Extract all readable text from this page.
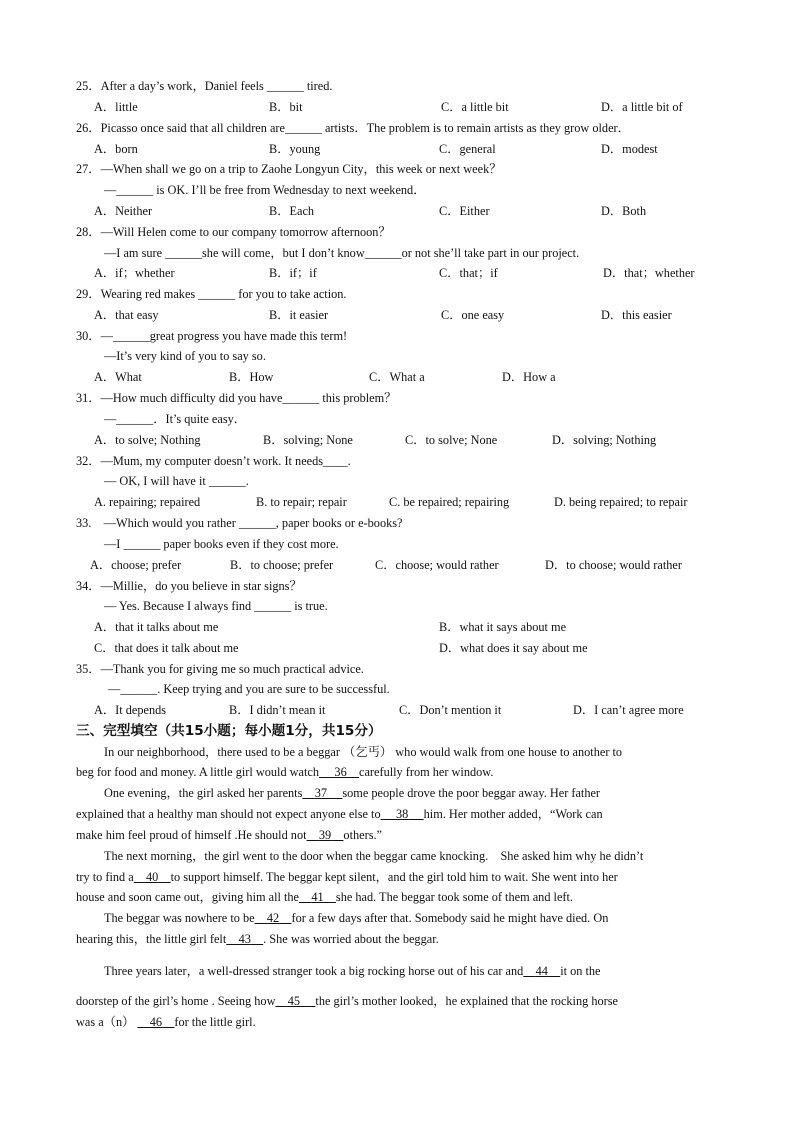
25．After a day’s work，Daniel feels ______ tired.
A．little	B．bit	C．a little bit	D．a little bit of
26．Picasso once said that all children are______ artists．The problem is to remain artists as they grow older．
A．born	B．young	C．general	D．modest
27．—When shall we go on a trip to Zaohe Longyun City，this week or next week？
—______ is OK. I’ll be free from Wednesday to next weekend．
A．Neither	B．Each	C．Either	D．Both
28．—Will Helen come to our company tomorrow afternoon？
—I am sure ______she will come，but I don’t know______or not she’ll take part in our project.
A．if；whether	B．if；if	C．that；if	D．that；whether
29．Wearing red makes ______ for you to take action.
A．that easy	B．it easier	C．one easy	D．this easier
30．—______great progress you have made this term!
—It’s very kind of you to say so.
A．What	B．How	C．What a	D．How a
31．—How much difficulty did you have______ this problem？
—______．It’s quite easy．
A．to solve; Nothing	B．solving; None	C．to solve; None	D．solving; Nothing
32．—Mum, my computer doesn’t work. It needs____.
— OK, I will have it ______.
A. repairing; repaired	B. to repair; repair	C. be repaired; repairing	D. being repaired; to repair
33.　—Which would you rather ______, paper books or e-books?
—I ______ paper books even if they cost more.
A．choose; prefer	B．to choose; prefer	C．choose; would rather	D．to choose; would rather
34．—Millie，do you believe in star signs？
— Yes. Because I always find ______ is true.
A．that it talks about me	B．what it says about me
C．that does it talk about me	D．what does it say about me
35．—Thank you for giving me so much practical advice.
—______. Keep trying and you are sure to be successful.
A．It depends	B．I didn’t mean it	C．Don’t mention it	D．I can’t agree more
三、完型填空（共15小题；每小题1分，共15分）
In our neighborhood，there used to be a beggar （乞丐） who would walk from one house to another to
beg for food and money. A little girl would watch 36 carefully from her window.
One evening，the girl asked her parents 37 some people drove the poor beggar away. Her father
explained that a healthy man should not expect anyone else to 38 him. Her mother added，“Work can
make him feel proud of himself .He should not 39 others.”
The next morning，the girl went to the door when the beggar came knocking.　She asked him why he didn’t
try to find a 40 to support himself. The beggar kept silent，and the girl told him to wait. She went into her
house and soon came out，giving him all the 41 she had. The beggar took some of them and left.
The beggar was nowhere to be 42 for a few days after that. Somebody said he might have died. On
hearing this，the little girl felt 43 . She was worried about the beggar.
Three years later，a well-dressed stranger took a big rocking horse out of his car and 44 it on the
doorstep of the girl’s home . Seeing how 45 the girl’s mother looked，he explained that the rocking horse
was a（n） 46 for the little girl.
